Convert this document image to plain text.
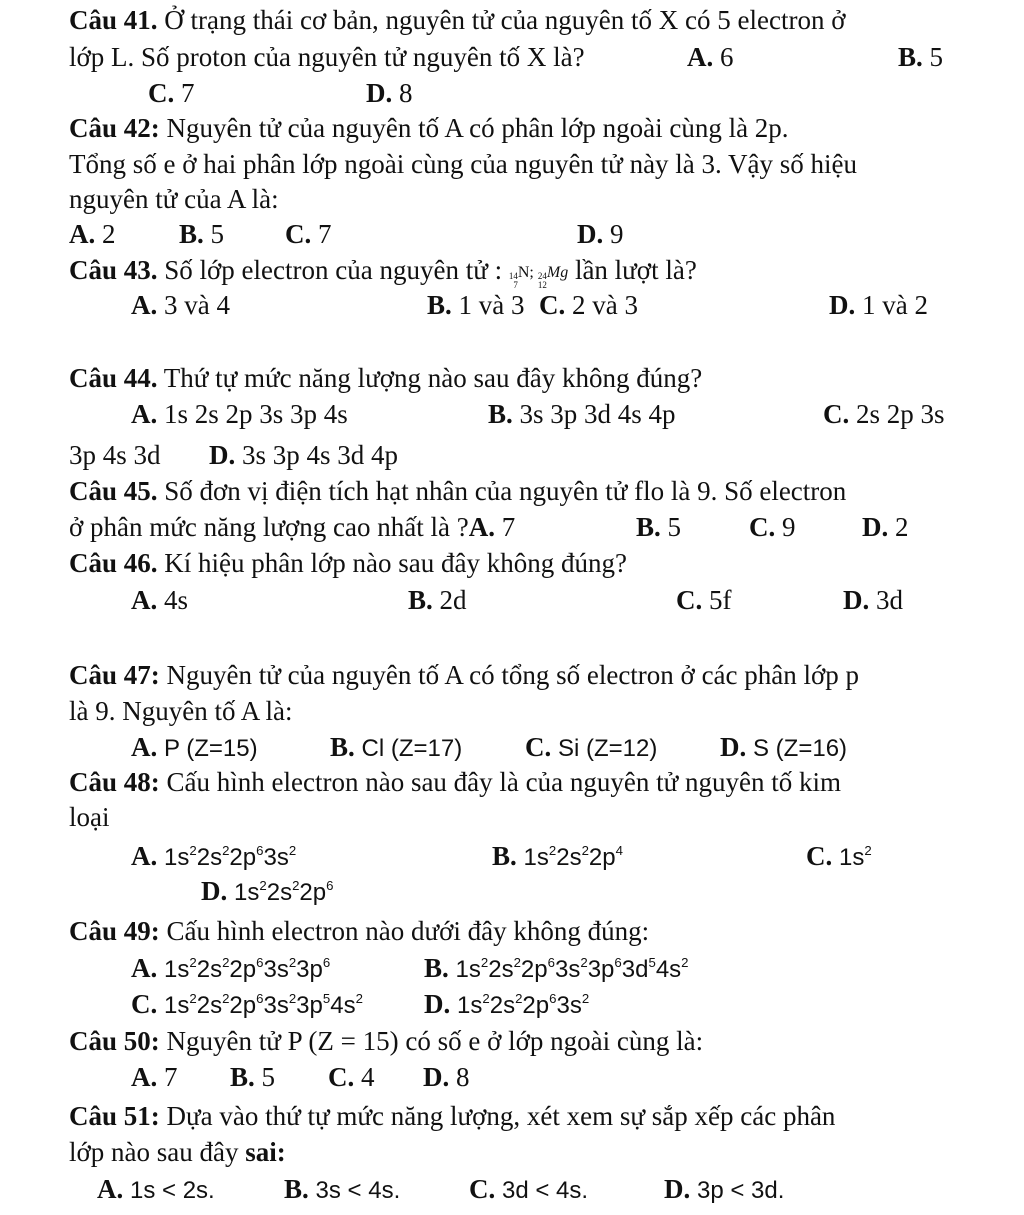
Câu 41. Ở trạng thái cơ bản, nguyên tử của nguyên tố X có 5 electron ở
lớp L. Số proton của nguyên tử nguyên tố X là?	A. 6	B. 5
C. 7	D. 8
Câu 42: Nguyên tử của nguyên tố A có phân lớp ngoài cùng là 2p.
Tổng số e ở hai phân lớp ngoài cùng của nguyên tử này là 3. Vậy số hiệu
nguyên tử của A là:
A. 2 B. 5 C. 7	D. 9
Câu 43. Số lớp electron của nguyên tử : 14
7
N; 24
12
Mg lần lượt là?
A. 3 và 4	B. 1 và 3 C. 2 và 3	D. 1 và 2
Câu 44. Thứ tự mức năng lượng nào sau đây không đúng?
A. 1s 2s 2p 3s 3p 4s	B. 3s 3p 3d 4s 4p	C. 2s 2p 3s
3p 4s 3d D. 3s 3p 4s 3d 4p
Câu 45. Số đơn vị điện tích hạt nhân của nguyên tử flo là 9. Số electron
ở phân mức năng lượng cao nhất là ?A. 7	B. 5	C. 9 D. 2
Câu 46. Kí hiệu phân lớp nào sau đây không đúng?
A. 4s	B. 2d	C. 5f	D. 3d
Câu 47: Nguyên tử của nguyên tố A có tổng số electron ở các phân lớp p
là 9. Nguyên tố A là:
A. P (Z=15)	B. Cl (Z=17) C. Si (Z=12) D. S (Z=16)
Câu 48: Cấu hình electron nào sau đây là của nguyên tử nguyên tố kim
loại
A. $1s^22s^22p^63s^2$	B. $1s^22s^22p^4$	C. $1s^2$
D. $1s^22s^22p^6$
Câu 49: Cấu hình electron nào dưới đây không đúng:
A. $1s^22s^22p^63s^23p^6$	B. $1s^22s^22p^63s^23p^63d^54s^2$
C. $1s^22s^22p^63s^23p^54s^2$ D. $1s^22s^22p^63s^2$
Câu 50: Nguyên tử P (Z = 15) có số e ở lớp ngoài cùng là:
A. 7 B. 5 C. 4 D. 8
Câu 51: Dựa vào thứ tự mức năng lượng, xét xem sự sắp xếp các phân
lớp nào sau đây sai:
A. 1s < 2s.	B. 3s < 4s.	C. 3d < 4s.	D. 3p < 3d.
